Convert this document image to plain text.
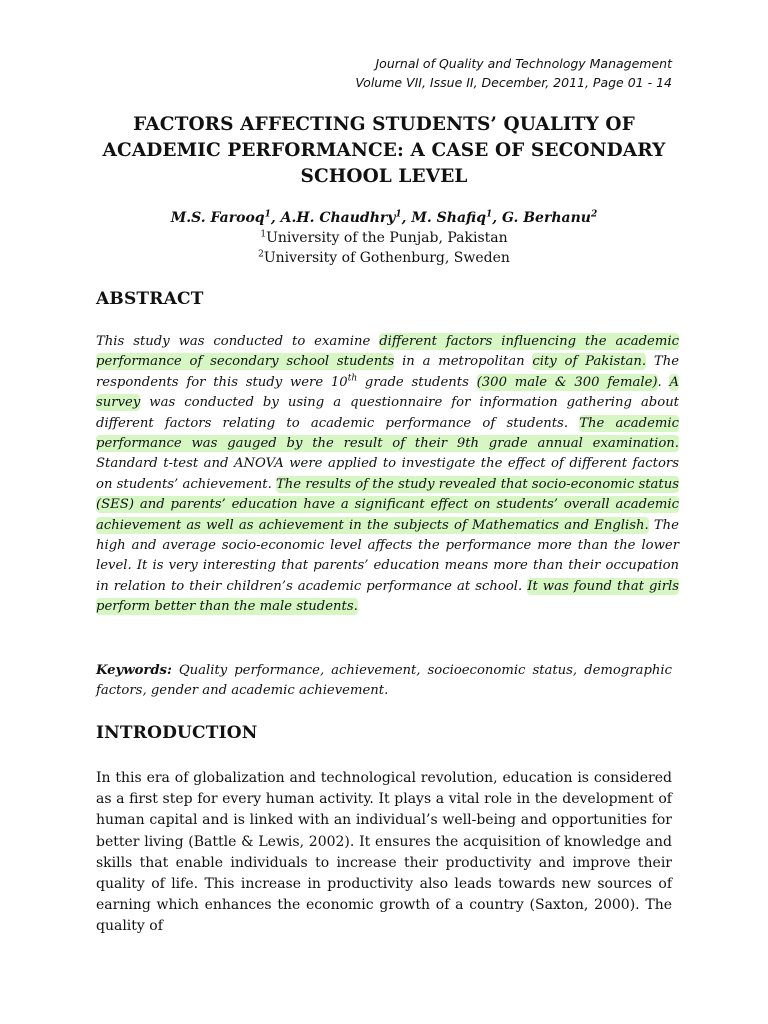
Journal of Quality and Technology Management
Volume VII, Issue II, December, 2011, Page 01 - 14
FACTORS AFFECTING STUDENTS’ QUALITY OF
ACADEMIC PERFORMANCE: A CASE OF SECONDARY
SCHOOL LEVEL
M.S. Farooq$^1$, A.H. Chaudhry$^1$, M. Shafiq$^1$, G. Berhanu$^2$
$^1$University of the Punjab, Pakistan
$^2$University of Gothenburg, Sweden
ABSTRACT

This study was conducted to examine different factors influencing the academic performance of secondary school students in a metropolitan city of Pakistan. The respondents for this study were 10th grade students (300 male & 300 female). A survey was conducted by using a questionnaire for information gathering about different factors relating to academic performance of students. The academic performance was gauged by the result of their 9th grade annual examination. Standard t-test and ANOVA were applied to investigate the effect of different factors on students’ achievement. The results of the study revealed that socio-economic status (SES) and parents’ education have a significant effect on students’ overall academic achievement as well as achievement in the subjects of Mathematics and English. The high and average socio-economic level affects the performance more than the lower level. It is very interesting that parents’ education means more than their occupation in relation to their children’s academic performance at school. It was found that girls perform better than the male students.

Keywords: Quality performance, achievement, socioeconomic status, demographic factors, gender and academic achievement.

INTRODUCTION

In this era of globalization and technological revolution, education is considered as a first step for every human activity. It plays a vital role in the development of human capital and is linked with an individual’s well-being and opportunities for better living (Battle & Lewis, 2002). It ensures the acquisition of knowledge and skills that enable individuals to increase their productivity and improve their quality of life. This increase in productivity also leads towards new sources of earning which enhances the economic growth of a country (Saxton, 2000). The quality of
